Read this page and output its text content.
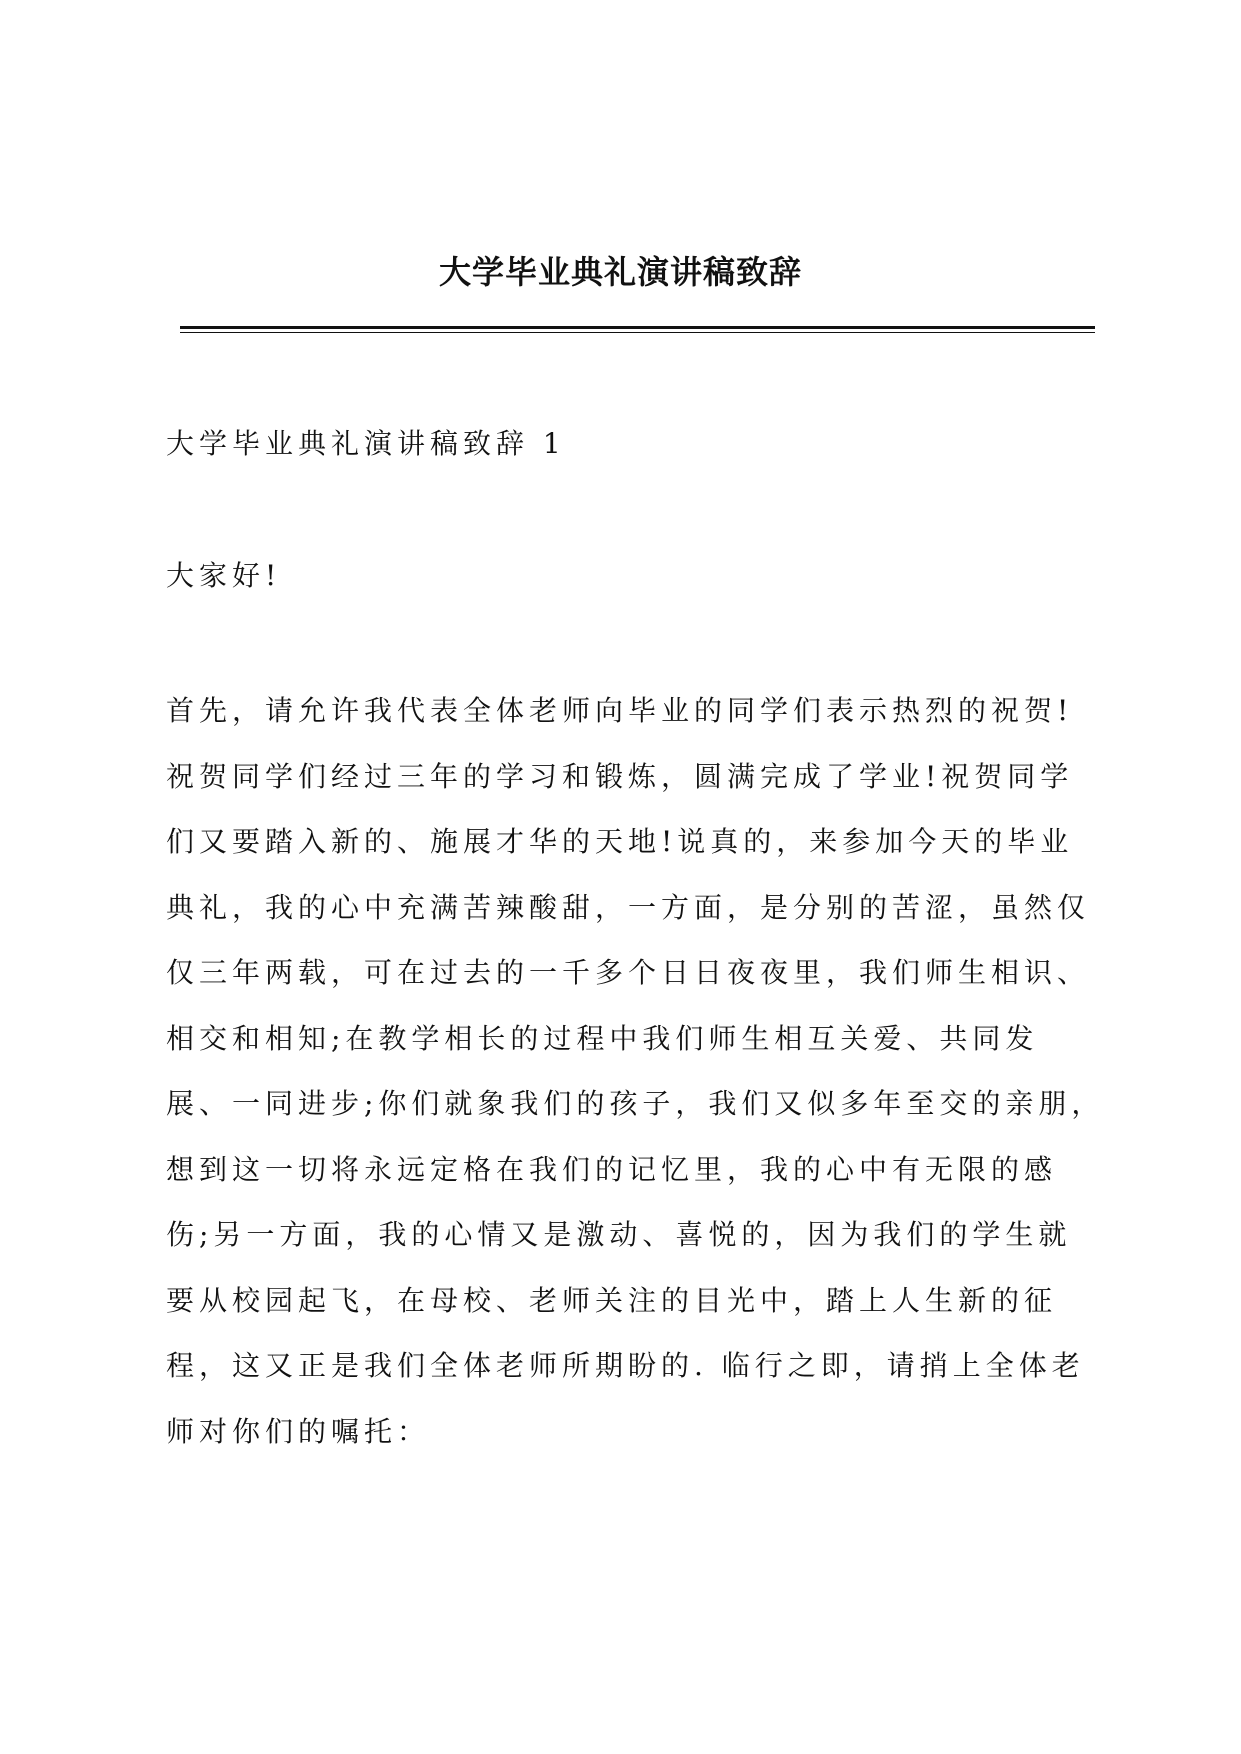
大学毕业典礼演讲稿致辞

大学毕业典礼演讲稿致辞 1

大家好!

首先，请允许我代表全体老师向毕业的同学们表示热烈的祝贺!
祝贺同学们经过三年的学习和锻炼，圆满完成了学业!祝贺同学
们又要踏入新的、施展才华的天地!说真的，来参加今天的毕业
典礼，我的心中充满苦辣酸甜，一方面，是分别的苦涩，虽然仅
仅三年两载，可在过去的一千多个日日夜夜里，我们师生相识、
相交和相知;在教学相长的过程中我们师生相互关爱、共同发
展、一同进步;你们就象我们的孩子，我们又似多年至交的亲朋，
想到这一切将永远定格在我们的记忆里，我的心中有无限的感
伤;另一方面，我的心情又是激动、喜悦的，因为我们的学生就
要从校园起飞，在母校、老师关注的目光中，踏上人生新的征
程，这又正是我们全体老师所期盼的. 临行之即，请捎上全体老
师对你们的嘱托：
